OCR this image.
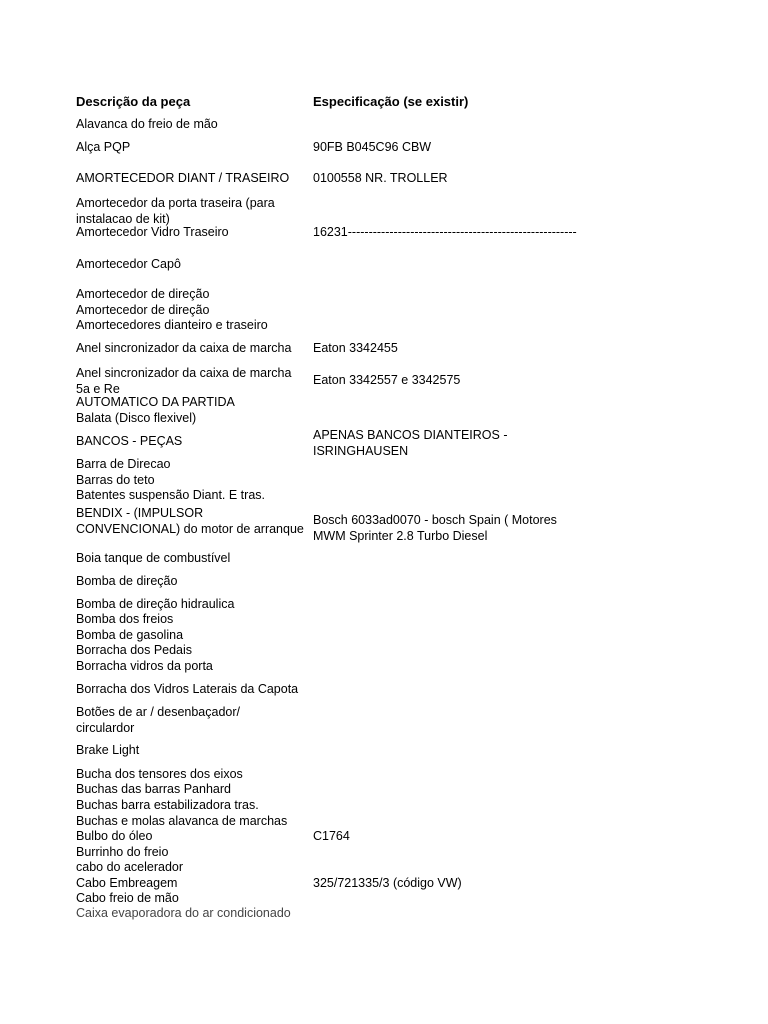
Descrição da peça	Especificação (se existir)
Alavanca do freio de mão
Alça PQP
AMORTECEDOR DIANT / TRASEIRO
Amortecedor da porta traseira (para instalacao de kit)
Amortecedor Vidro Traseiro
Amortecedor Capô
Amortecedor de direção
Amortecedor de direção
Amortecedores dianteiro e traseiro
Anel sincronizador da caixa de marcha
Anel sincronizador da caixa de marcha 5a e Re
AUTOMATICO DA PARTIDA
Balata (Disco flexivel)
BANCOS - PEÇAS
Barra de Direcao
Barras do teto
Batentes suspensão Diant. E tras.
BENDIX - (IMPULSOR CONVENCIONAL) do motor de arranque
Boia tanque de combustível
Bomba de direção
Bomba de direção hidraulica
Bomba dos freios
Bomba de gasolina
Borracha dos Pedais
Borracha vidros da porta
Borracha dos Vidros Laterais da Capota
Botões de ar / desenbaçador/ circulardor
Brake Light
Bucha dos tensores dos eixos
Buchas das barras Panhard
Buchas barra estabilizadora tras.
Buchas e molas alavanca de marchas
Bulbo do óleo
Burrinho do freio
cabo do acelerador
Cabo Embreagem
Cabo freio de mão
Caixa evaporadora do ar condicionado
90FB B045C96 CBW
0100558 NR. TROLLER
16231-------------------------------------------------------
Eaton 3342455
Eaton 3342557 e 3342575
APENAS BANCOS DIANTEIROS - ISRINGHAUSEN
Bosch 6033ad0070 - bosch Spain ( Motores MWM Sprinter 2.8 Turbo Diesel
C1764
325/721335/3 (código VW)
